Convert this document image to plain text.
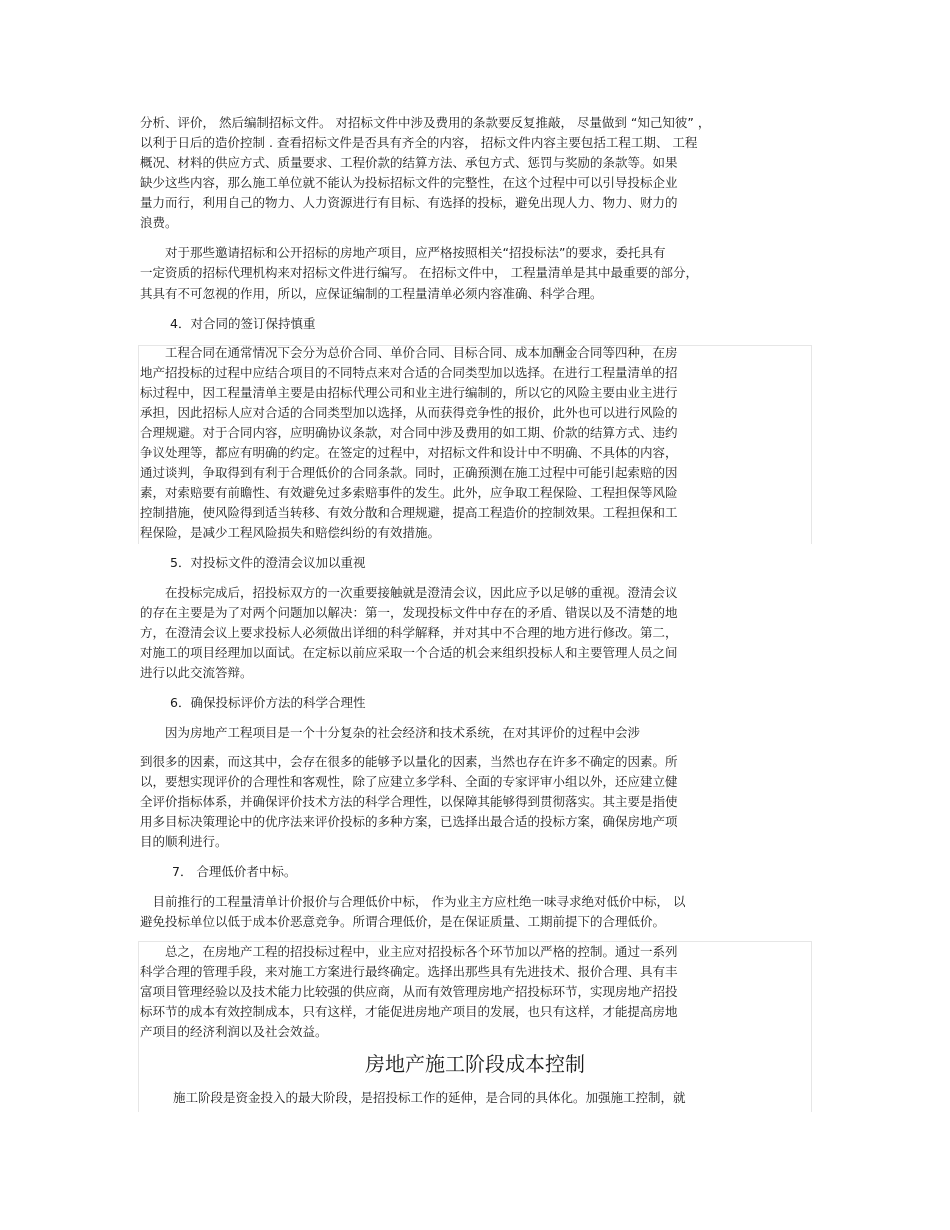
分析、评价， 然后编制招标文件。 对招标文件中涉及费用的条款要反复推敲， 尽量做到 “知己知彼” ，
以利于日后的造价控制 . 查看招标文件是否具有齐全的内容， 招标文件内容主要包括工程工期、 工程
概况、材料的供应方式、质量要求、工程价款的结算方法、承包方式、惩罚与奖励的条款等。如果
缺少这些内容，那么施工单位就不能认为投标招标文件的完整性，在这个过程中可以引导投标企业
量力而行，利用自己的物力、人力资源进行有目标、有选择的投标，避免出现人力、物力、财力的
浪费。
　　对于那些邀请招标和公开招标的房地产项目，应严格按照相关“招投标法”的要求，委托具有
一定资质的招标代理机构来对招标文件进行编写。 在招标文件中， 工程量清单是其中最重要的部分，
其具有不可忽视的作用，所以，应保证编制的工程量清单必须内容准确、科学合理。
4．对合同的签订保持慎重
　　工程合同在通常情况下会分为总价合同、单价合同、目标合同、成本加酬金合同等四种，在房
地产招投标的过程中应结合项目的不同特点来对合适的合同类型加以选择。在进行工程量清单的招
标过程中，因工程量清单主要是由招标代理公司和业主进行编制的，所以它的风险主要由业主进行
承担，因此招标人应对合适的合同类型加以选择，从而获得竞争性的报价，此外也可以进行风险的
合理规避。对于合同内容，应明确协议条款，对合同中涉及费用的如工期、价款的结算方式、违约
争议处理等，都应有明确的约定。在签定的过程中，对招标文件和设计中不明确、不具体的内容，
通过谈判，争取得到有利于合理低价的合同条款。同时，正确预测在施工过程中可能引起索赔的因
素，对索赔要有前瞻性、有效避免过多索赔事件的发生。此外，应争取工程保险、工程担保等风险
控制措施，使风险得到适当转移、有效分散和合理规避，提高工程造价的控制效果。工程担保和工
程保险，是减少工程风险损失和赔偿纠纷的有效措施。
5．对投标文件的澄清会议加以重视
　　在投标完成后，招投标双方的一次重要接触就是澄清会议，因此应予以足够的重视。澄清会议
的存在主要是为了对两个问题加以解决：第一，发现投标文件中存在的矛盾、错误以及不清楚的地
方，在澄清会议上要求投标人必须做出详细的科学解释，并对其中不合理的地方进行修改。第二，
对施工的项目经理加以面试。在定标以前应采取一个合适的机会来组织投标人和主要管理人员之间
进行以此交流答辩。
6．确保投标评价方法的科学合理性
　　因为房地产工程项目是一个十分复杂的社会经济和技术系统，在对其评价的过程中会涉
到很多的因素，而这其中，会存在很多的能够予以量化的因素，当然也存在许多不确定的因素。所
以，要想实现评价的合理性和客观性，除了应建立多学科、全面的专家评审小组以外，还应建立健
全评价指标体系，并确保评价技术方法的科学合理性，以保障其能够得到贯彻落实。其主要是指使
用多目标决策理论中的优序法来评价投标的多种方案，已选择出最合适的投标方案，确保房地产项
目的顺利进行。
7． 合理低价者中标。
　目前推行的工程量清单计价报价与合理低价中标， 作为业主方应杜绝一味寻求绝对低价中标， 以
避免投标单位以低于成本价恶意竞争。所谓合理低价，是在保证质量、工期前提下的合理低价。
　　总之，在房地产工程的招投标过程中，业主应对招投标各个环节加以严格的控制。通过一系列
科学合理的管理手段，来对施工方案进行最终确定。选择出那些具有先进技术、报价合理、具有丰
富项目管理经验以及技术能力比较强的供应商，从而有效管理房地产招投标环节，实现房地产招投
标环节的成本有效控制成本，只有这样，才能促进房地产项目的发展，也只有这样，才能提高房地
产项目的经济利润以及社会效益。
房地产施工阶段成本控制
　　施工阶段是资金投入的最大阶段，是招投标工作的延伸，是合同的具体化。加强施工控制，就
